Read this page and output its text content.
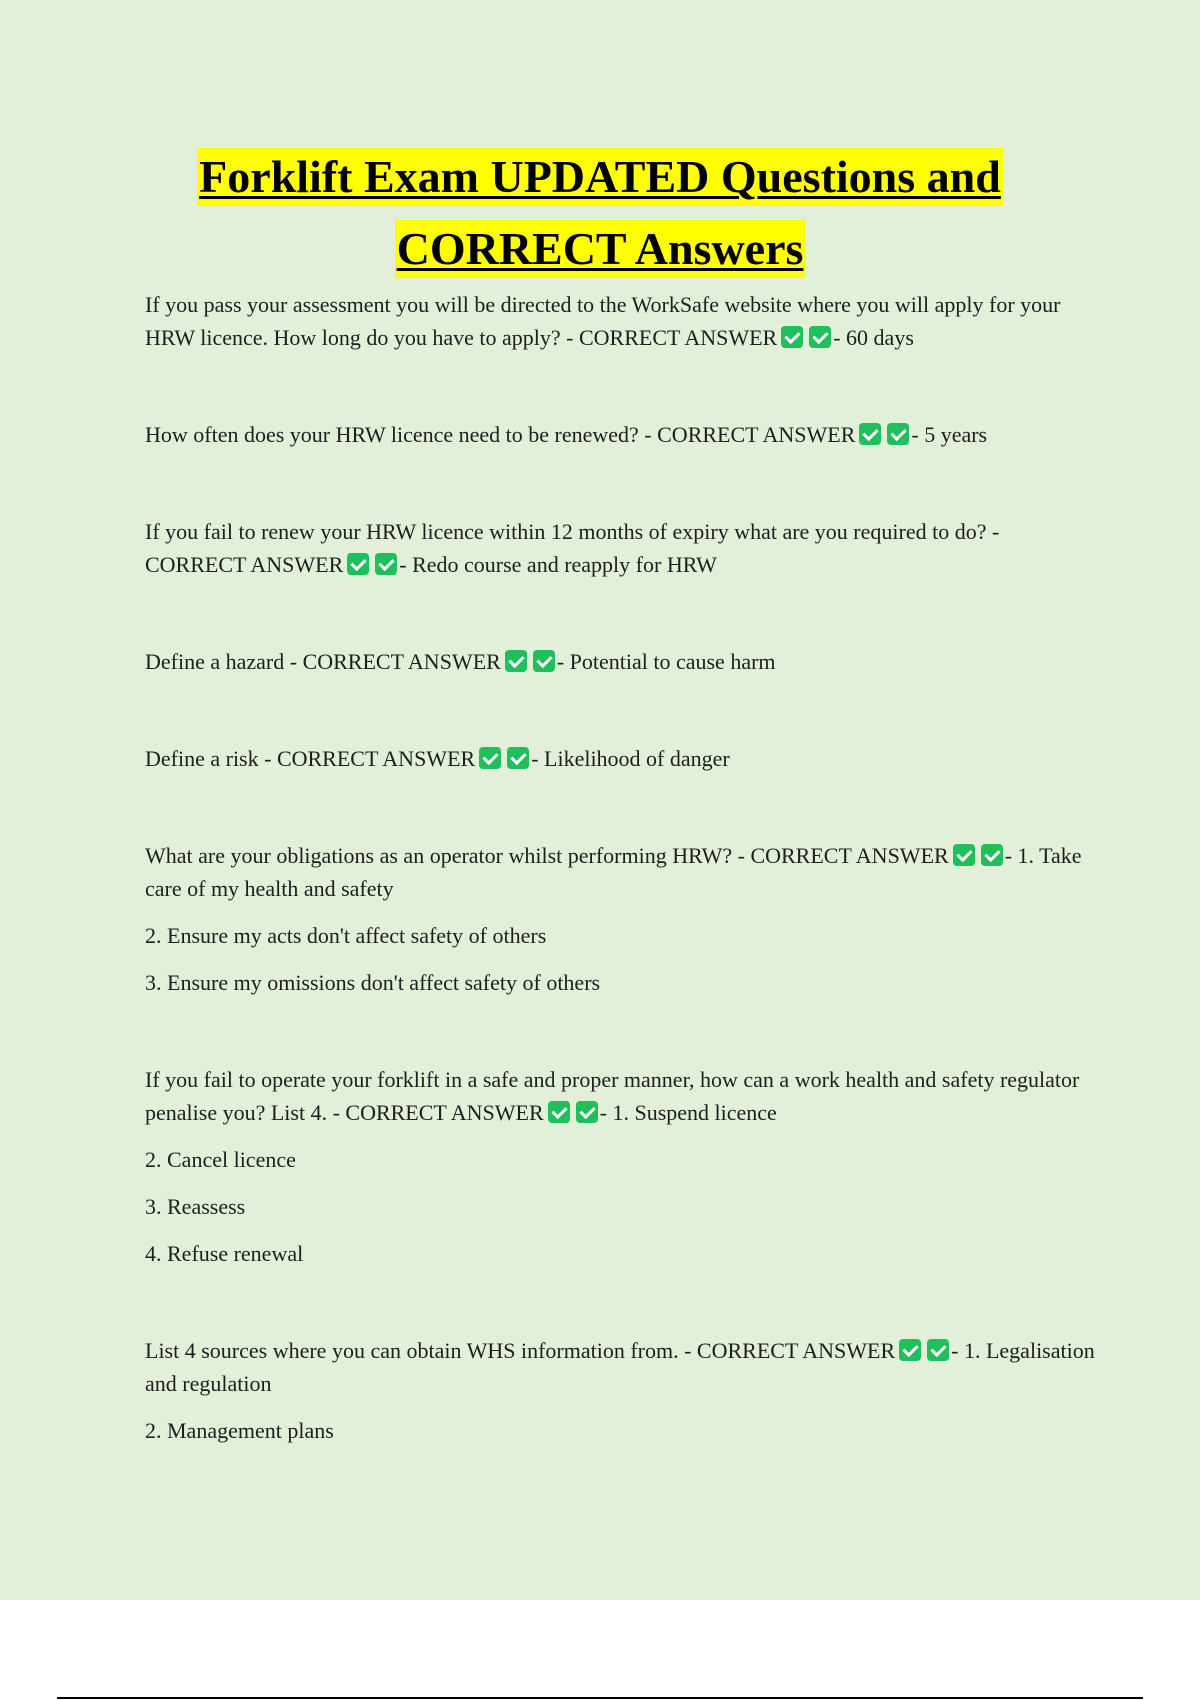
Forklift Exam UPDATED Questions and

CORRECT Answers

If you pass your assessment you will be directed to the WorkSafe website where you will apply for your HRW licence. How long do you have to apply? - CORRECT ANSWER	- 60 days

How often does your HRW licence need to be renewed? - CORRECT ANSWER	- 5 years

If you fail to renew your HRW licence within 12 months of expiry what are you required to do? - CORRECT ANSWER	- Redo course and reapply for HRW

Define a hazard - CORRECT ANSWER	- Potential to cause harm

Define a risk - CORRECT ANSWER	- Likelihood of danger

What are your obligations as an operator whilst performing HRW? - CORRECT ANSWER	- 1. Take care of my health and safety

2. Ensure my acts don't affect safety of others

3. Ensure my omissions don't affect safety of others

If you fail to operate your forklift in a safe and proper manner, how can a work health and safety regulator penalise you? List 4. - CORRECT ANSWER	- 1. Suspend licence

2. Cancel licence

3. Reassess

4. Refuse renewal

List 4 sources where you can obtain WHS information from. - CORRECT ANSWER	- 1. Legalisation and regulation

2. Management plans
